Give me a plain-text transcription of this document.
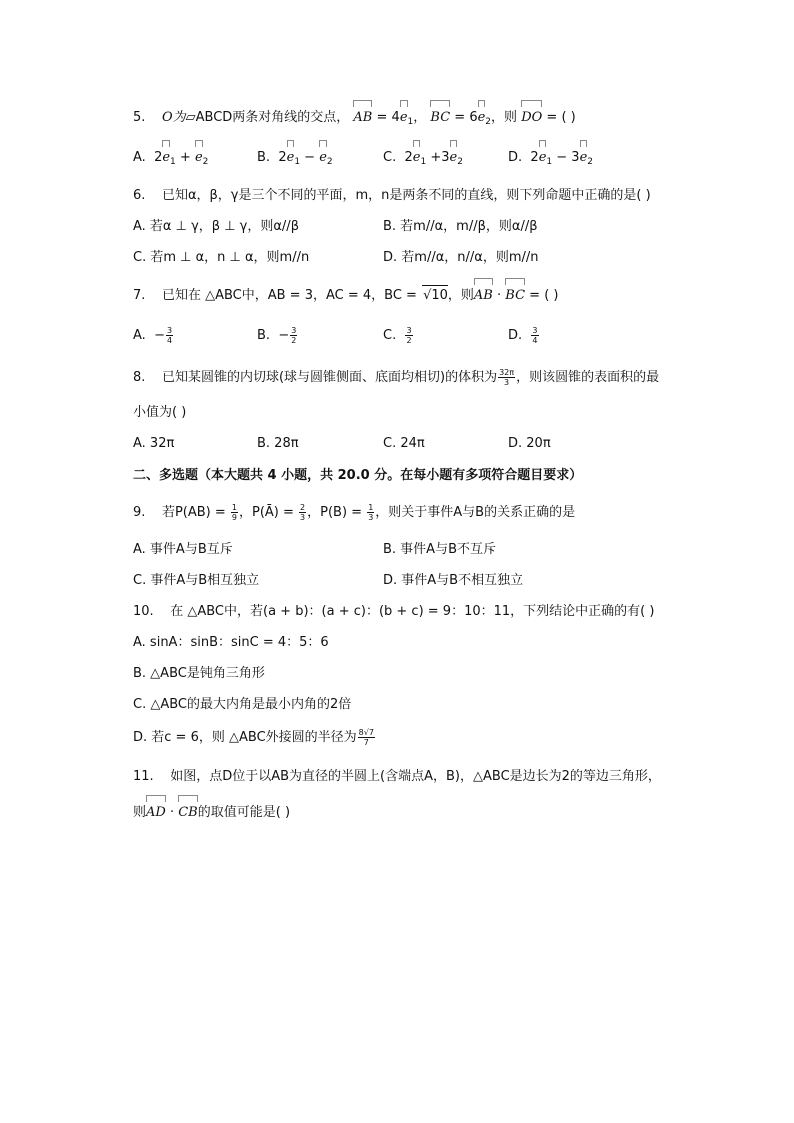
5. O为▱ABCD两条对角线的交点， AB = $4e_1$， BC = $6e_2$，则 DO = ( )
A. $2e_1 + e_2$	B. $2e_1 - e_2$	C. $2e_1 +3e_2$	D. $2e_1 - 3e_2$
6. 已知α，β，γ是三个不同的平面，m，n是两条不同的直线，则下列命题中正确的是( )
A. 若α ⊥ γ，β ⊥ γ，则α//β	B. 若m//α，m//β，则α//β
C. 若m ⊥ α，n ⊥ α，则m//n	D. 若m//α，n//α，则m//n
7. 已知在 △ABC中，AB = 3，AC = 4，BC = √10，则AB · BC = ( )
A. − $\frac{3}{4}$	B. − $\frac{3}{2}$	C. $\frac{3}{2}$	D. $\frac{3}{4}$
8. 已知某圆锥的内切球(球与圆锥侧面、底面均相切)的体积为 $\frac{32\pi}{3}$ ，则该圆锥的表面积的最
小值为( )
A. 32π	B. 28π	C. 24π	D. 20π
二、多选题（本大题共 4 小题，共 20.0 分。在每小题有多项符合题目要求）
9. 若$P(AB) = \frac{1}{9}$ ，P(Ā) = $\frac{2}{3}$ ，$P(B) = \frac{1}{3}$ ，则关于事件A与B的关系正确的是
A. 事件A与B互斥	B. 事件A与B不互斥
C. 事件A与B相互独立	D. 事件A与B不相互独立
10. 在 △ABC中，若(a + b)：(a + c)：(b + c) = 9：10：11，下列结论中正确的有( )
A. sinA：sinB：sinC = 4：5：6
B. △ABC是钝角三角形
C. △ABC的最大内角是最小内角的2倍
D. 若c = 6，则 △ABC外接圆的半径为 $\frac{8√7}{7}$
11. 如图，点D位于以AB为直径的半圆上(含端点A，B)，△ABC是边长为2的等边三角形，
则AD · CB的取值可能是( )
